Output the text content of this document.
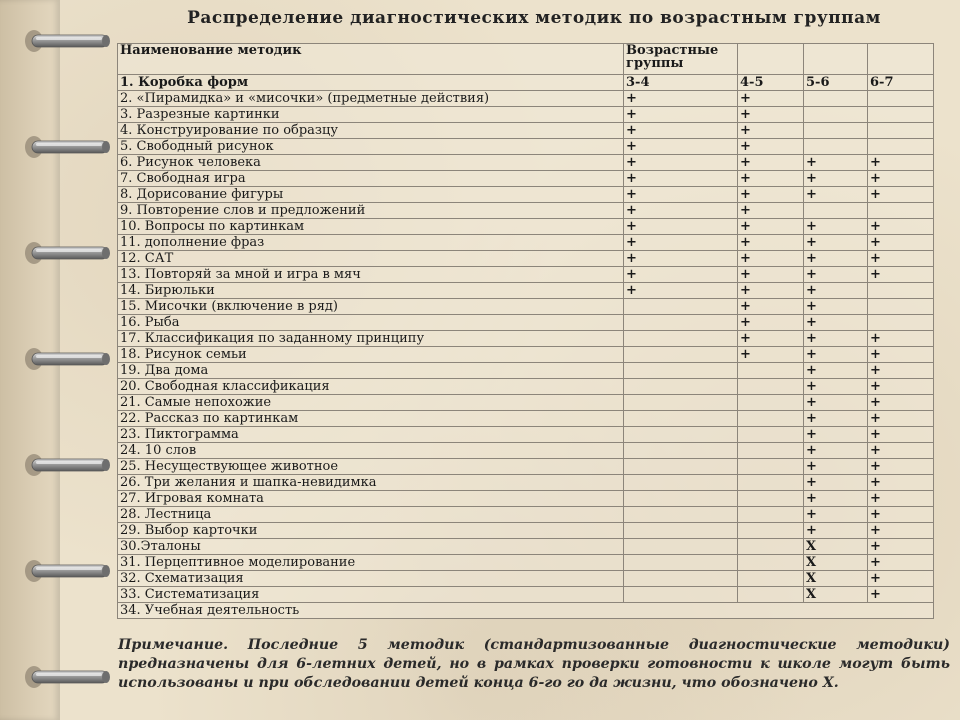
Распределение диагностических методик по возрастным группам
Наименование методик	Возрастные группы			
1. Коробка форм	3-4	4-5	5-6	6-7
2. «Пирамидка» и «мисочки» (предметные действия)	+	+		
3. Разрезные картинки	+	+		
4. Конструирование по образцу	+	+		
5. Свободный рисунок	+	+		
6. Рисунок человека	+	+	+	+
7. Свободная игра	+	+	+	+
8. Дорисование фигуры	+	+	+	+
9. Повторение слов и предложений	+	+		
10. Вопросы по картинкам	+	+	+	+
11. дополнение фраз	+	+	+	+
12. САТ	+	+	+	+
13. Повторяй за мной и игра в мяч	+	+	+	+
14. Бирюльки	+	+	+	
15. Мисочки (включение в ряд)		+	+	
16. Рыба		+	+	
17. Классификация по заданному принципу		+	+	+
18. Рисунок семьи		+	+	+
19. Два дома			+	+
20. Свободная классификация			+	+
21. Самые непохожие			+	+
22. Рассказ по картинкам			+	+
23. Пиктограмма			+	+
24. 10 слов			+	+
25. Несуществующее животное			+	+
26. Три желания и шапка-невидимка			+	+
27. Игровая комната			+	+
28. Лестница			+	+
29. Выбор карточки			+	+
30.Эталоны			Х	+
31. Перцептивное моделирование			Х	+
32. Схематизация			Х	+
33. Систематизация			Х	+
34. Учебная деятельность				
Примечание. Последние 5 методик (стандартизованные диагностические методики) предназначены для 6-летних детей, но в рамках проверки готовности к школе могут быть использованы и при обследовании детей конца 6-го го да жизни, что обозначено Х.
